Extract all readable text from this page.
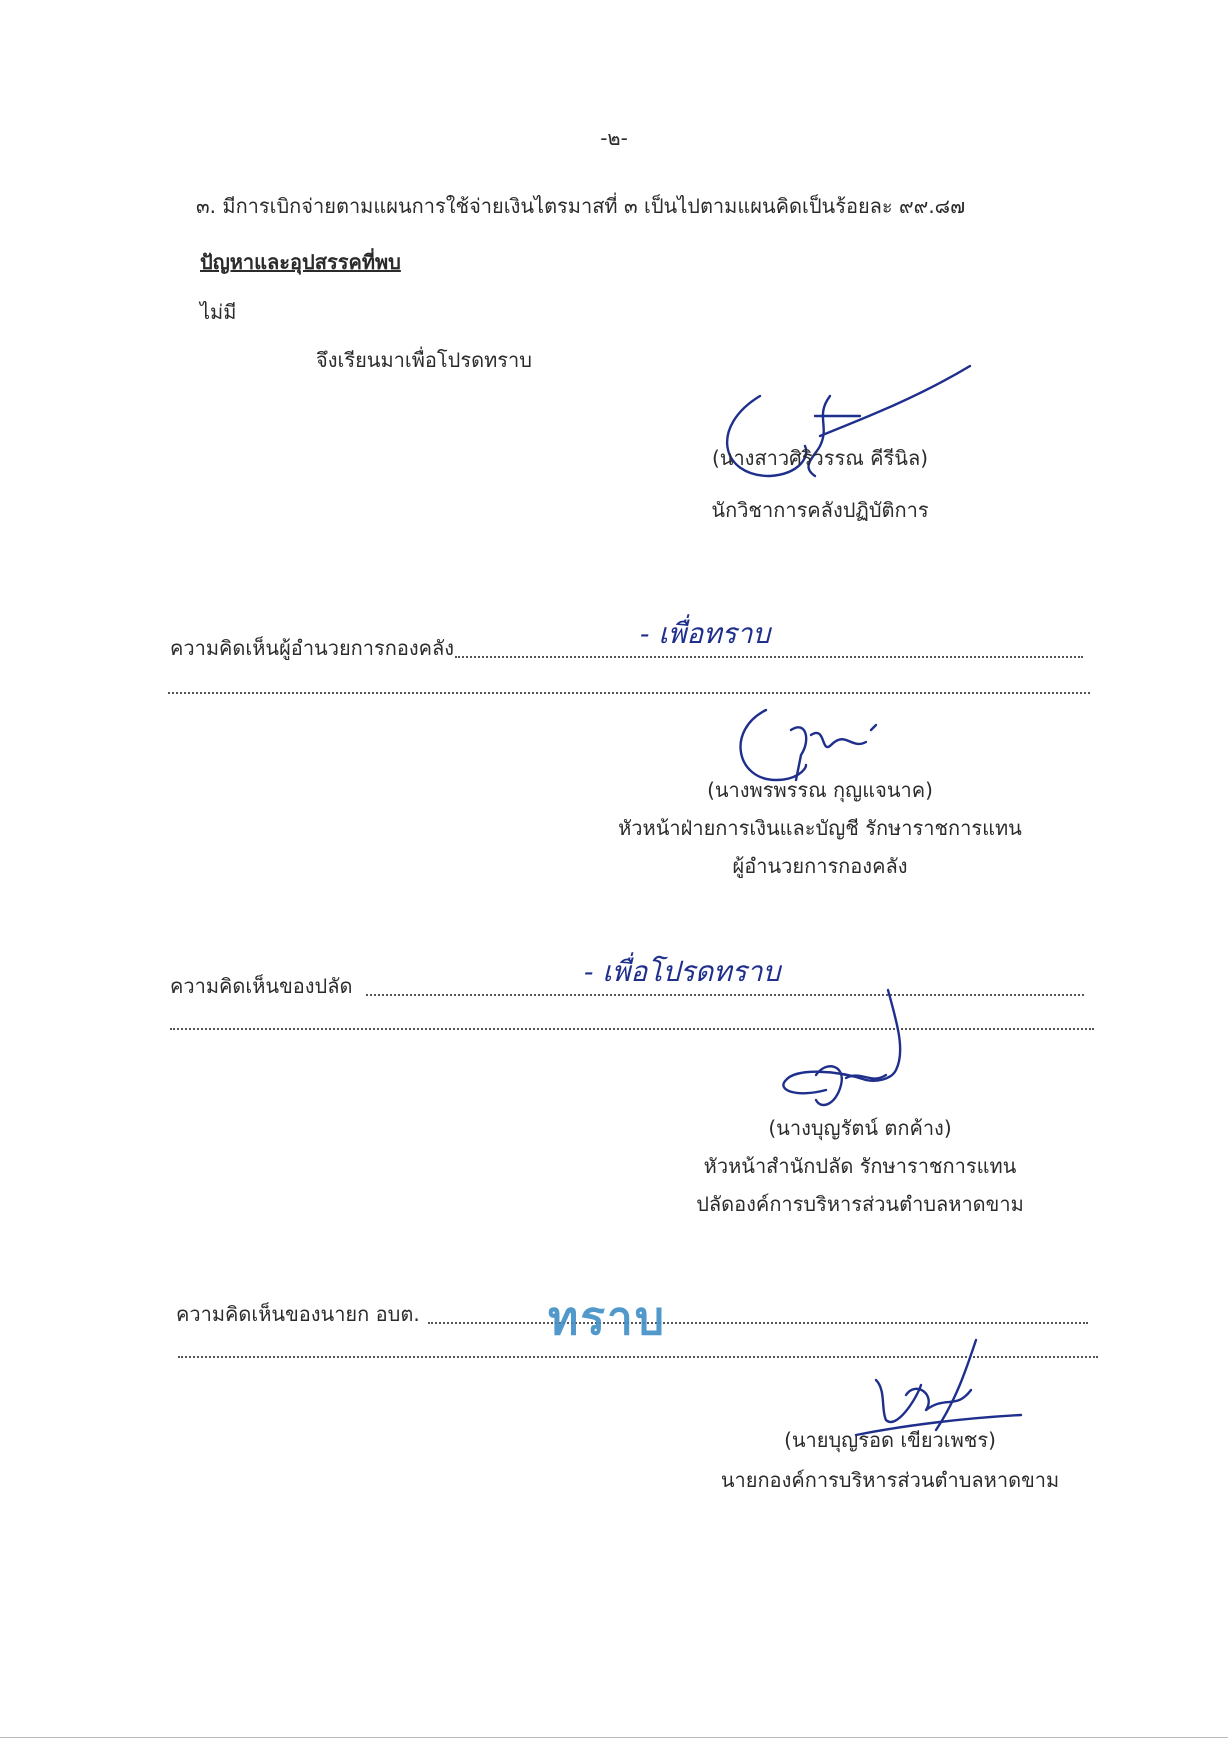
-๒-
๓. มีการเบิกจ่ายตามแผนการใช้จ่ายเงินไตรมาสที่ ๓ เป็นไปตามแผนคิดเป็นร้อยละ ๙๙.๘๗
ปัญหาและอุปสรรคที่พบ
ไม่มี
จึงเรียนมาเพื่อโปรดทราบ
(นางสาวศิริวรรณ คีรีนิล)
นักวิชาการคลังปฏิบัติการ
ความคิดเห็นผู้อำนวยการกองคลัง	- เพื่อทราบ
(นางพรพรรณ กุญแจนาค)
หัวหน้าฝ่ายการเงินและบัญชี รักษาราชการแทน
ผู้อำนวยการกองคลัง
ความคิดเห็นของปลัด	- เพื่อโปรดทราบ
(นางบุญรัตน์ ตกค้าง)
หัวหน้าสำนักปลัด รักษาราชการแทน
ปลัดองค์การบริหารส่วนตำบลหาดขาม
ความคิดเห็นของนายก อบต.	ทราบ
(นายบุญรอด เขียวเพชร)
นายกองค์การบริหารส่วนตำบลหาดขาม
